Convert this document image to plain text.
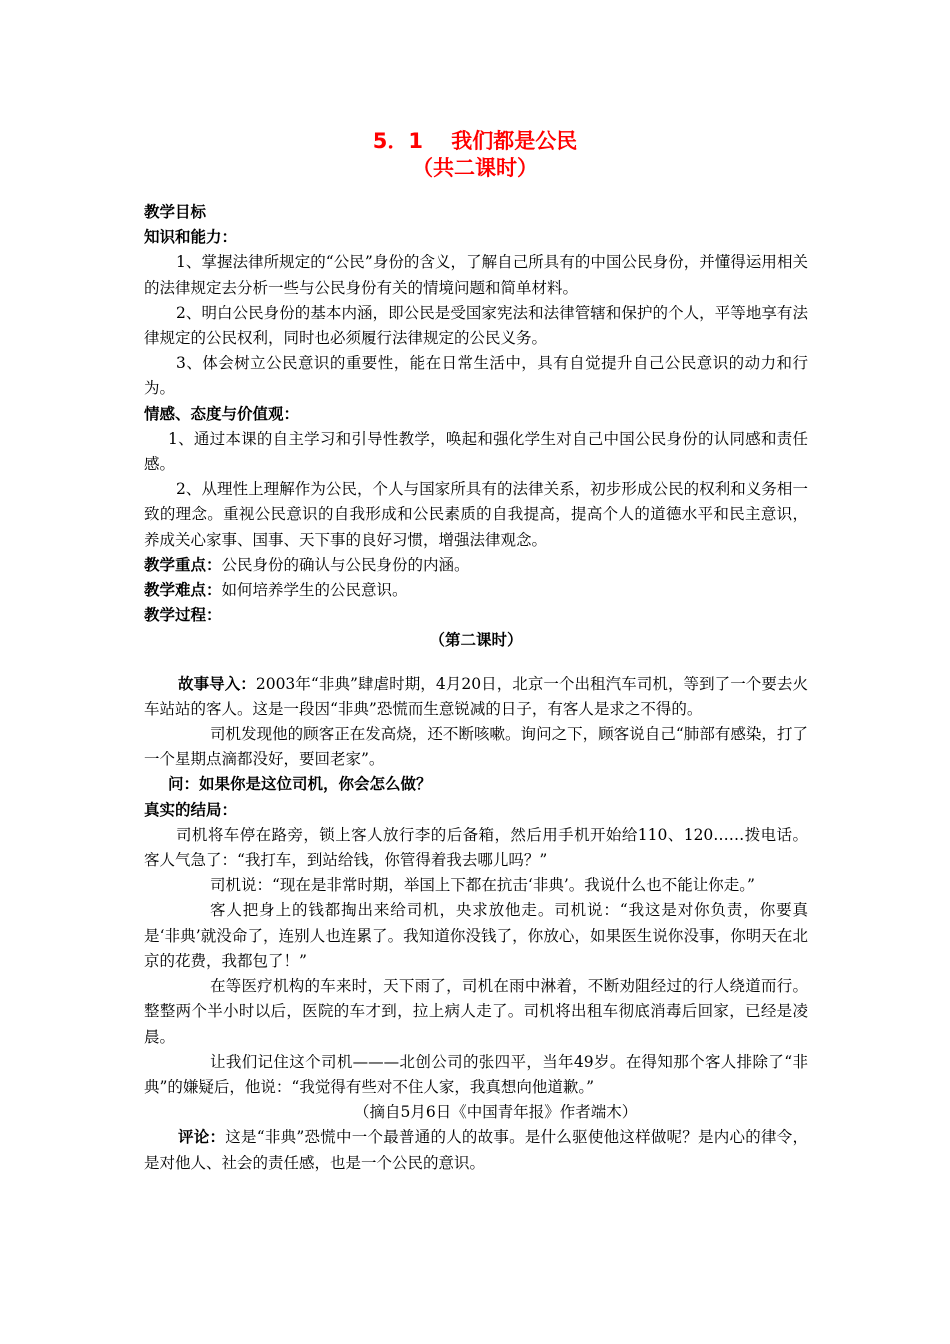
5．1　 我们都是公民
（共二课时）

教学目标

知识和能力：

1、掌握法律所规定的“公民”身份的含义，了解自己所具有的中国公民身份，并懂得运用相关的法律规定去分析一些与公民身份有关的情境问题和简单材料。

2、明白公民身份的基本内涵，即公民是受国家宪法和法律管辖和保护的个人，平等地享有法律规定的公民权利，同时也必须履行法律规定的公民义务。

3、体会树立公民意识的重要性，能在日常生活中，具有自觉提升自己公民意识的动力和行为。

情感、态度与价值观：

1、通过本课的自主学习和引导性教学，唤起和强化学生对自己中国公民身份的认同感和责任感。

2、从理性上理解作为公民，个人与国家所具有的法律关系，初步形成公民的权利和义务相一致的理念。重视公民意识的自我形成和公民素质的自我提高，提高个人的道德水平和民主意识，养成关心家事、国事、天下事的良好习惯，增强法律观念。

教学重点：公民身份的确认与公民身份的内涵。

教学难点：如何培养学生的公民意识。

教学过程：

（第二课时）

故事导入：2003年“非典”肆虐时期，4月20日，北京一个出租汽车司机，等到了一个要去火车站站的客人。这是一段因“非典”恐慌而生意锐减的日子，有客人是求之不得的。

司机发现他的顾客正在发高烧，还不断咳嗽。询问之下，顾客说自己“肺部有感染，打了一个星期点滴都没好，要回老家”。

问：如果你是这位司机，你会怎么做？

真实的结局：

司机将车停在路旁，锁上客人放行李的后备箱，然后用手机开始给110、120……拨电话。客人气急了：“我打车，到站给钱，你管得着我去哪儿吗？”

司机说：“现在是非常时期，举国上下都在抗击‘非典’。我说什么也不能让你走。”

客人把身上的钱都掏出来给司机，央求放他走。司机说：“我这是对你负责，你要真是‘非典’就没命了，连别人也连累了。我知道你没钱了，你放心，如果医生说你没事，你明天在北京的花费，我都包了！”

在等医疗机构的车来时，天下雨了，司机在雨中淋着，不断劝阻经过的行人绕道而行。整整两个半小时以后，医院的车才到，拉上病人走了。司机将出租车彻底消毒后回家，已经是凌晨。

让我们记住这个司机———北创公司的张四平，当年49岁。在得知那个客人排除了“非典”的嫌疑后，他说：“我觉得有些对不住人家，我真想向他道歉。”

（摘自5月6日《中国青年报》作者端木）

评论：这是“非典”恐慌中一个最普通的人的故事。是什么驱使他这样做呢？是内心的律令，是对他人、社会的责任感，也是一个公民的意识。
